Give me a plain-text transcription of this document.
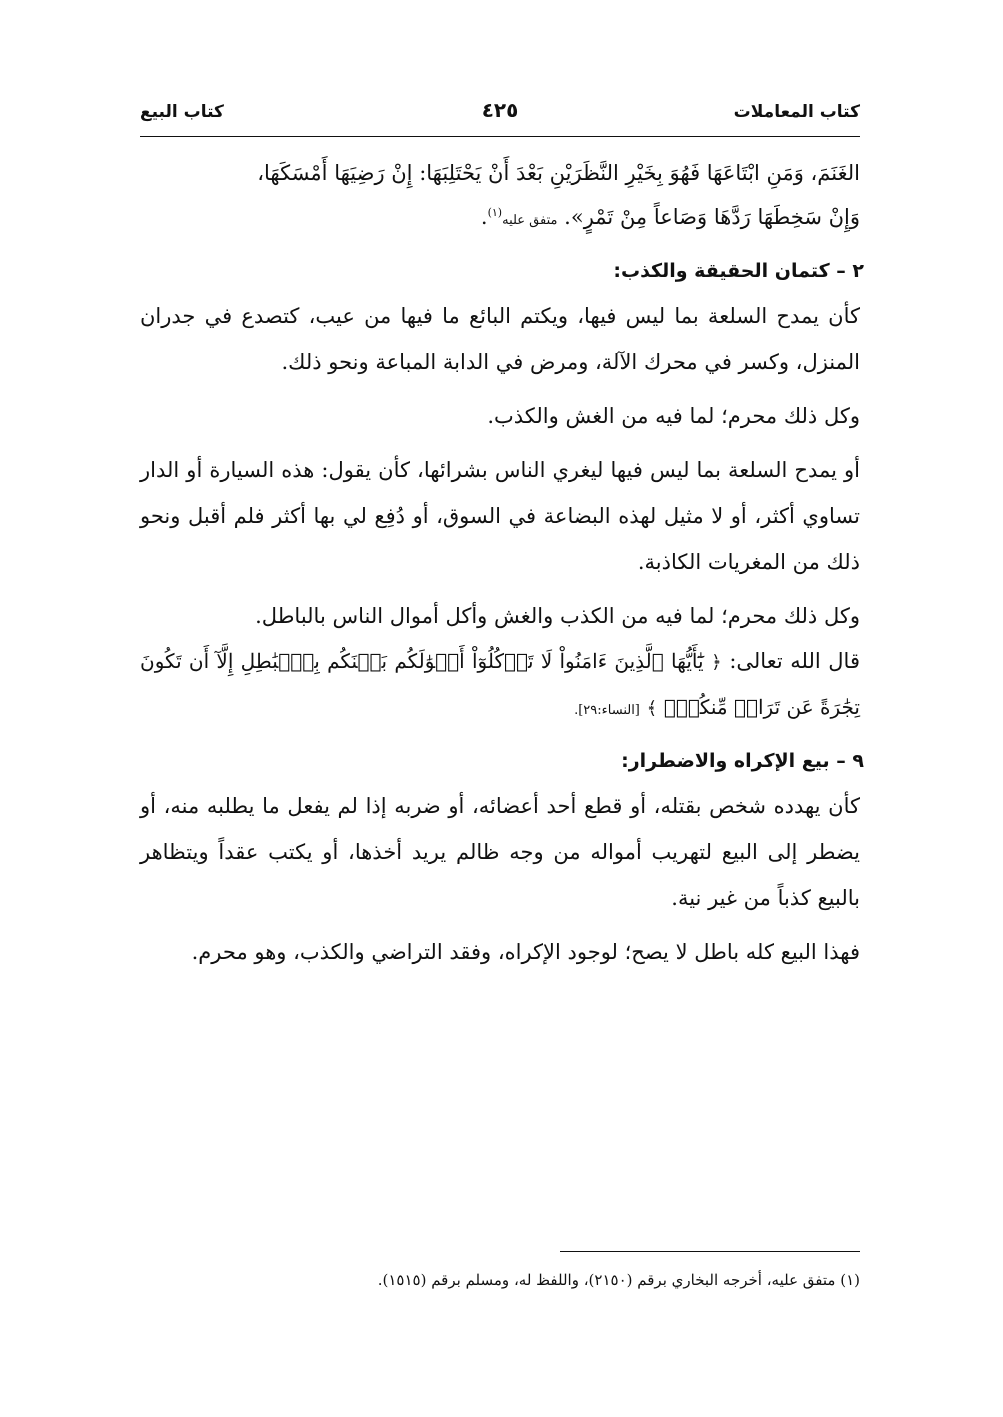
كتاب المعاملات
٤٢٥
كتاب البيع

الغَنَمَ، وَمَنِ ابْتَاعَهَا فَهُوَ بِخَيْرِ النَّظَرَيْنِ بَعْدَ أَنْ يَحْتَلِبَهَا: إِنْ رَضِيَهَا أَمْسَكَهَا،

وَإِنْ سَخِطَهَا رَدَّهَا وَصَاعاً مِنْ تَمْرٍ». متفق عليه$^{(١)}$.

٢ – كتمان الحقيقة والكذب:

كأن يمدح السلعة بما ليس فيها، ويكتم البائع ما فيها من عيب، كتصدع في جدران المنزل، وكسر في محرك الآلة، ومرض في الدابة المباعة ونحو ذلك.

وكل ذلك محرم؛ لما فيه من الغش والكذب.

أو يمدح السلعة بما ليس فيها ليغري الناس بشرائها، كأن يقول: هذه السيارة أو الدار تساوي أكثر، أو لا مثيل لهذه البضاعة في السوق، أو دُفِع لي بها أكثر فلم أقبل ونحو ذلك من المغريات الكاذبة.

وكل ذلك محرم؛ لما فيه من الكذب والغش وأكل أموال الناس بالباطل.

قال الله تعالى: ﴿ يَٰٓأَيُّهَا ٱلَّذِينَ ءَامَنُواْ لَا تَأۡكُلُوٓاْ أَمۡوَٰلَكُم بَيۡنَكُم بِٱلۡبَٰطِلِ إِلَّآ أَن تَكُونَ تِجَٰرَةً عَن تَرَاضٖ مِّنكُمۡۚ ﴾ [النساء:٢٩].

٩ – بيع الإكراه والاضطرار:

كأن يهدده شخص بقتله، أو قطع أحد أعضائه، أو ضربه إذا لم يفعل ما يطلبه منه، أو يضطر إلى البيع لتهريب أمواله من وجه ظالم يريد أخذها، أو يكتب عقداً ويتظاهر بالبيع كذباً من غير نية.

فهذا البيع كله باطل لا يصح؛ لوجود الإكراه، وفقد التراضي والكذب، وهو محرم.

(١) متفق عليه، أخرجه البخاري برقم (٢١٥٠)، واللفظ له، ومسلم برقم (١٥١٥).
